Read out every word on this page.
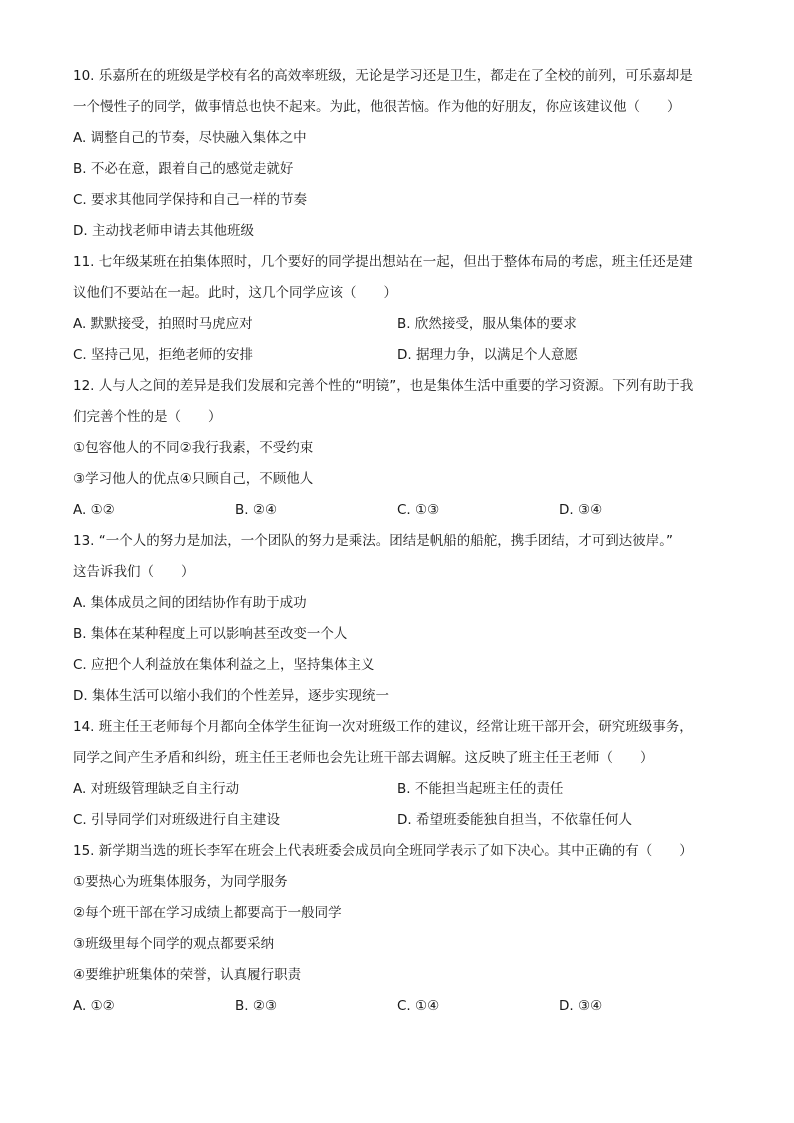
10. 乐嘉所在的班级是学校有名的高效率班级，无论是学习还是卫生，都走在了全校的前列，可乐嘉却是
一个慢性子的同学，做事情总也快不起来。为此，他很苦恼。作为他的好朋友，你应该建议他（　　）
A. 调整自己的节奏，尽快融入集体之中
B. 不必在意，跟着自己的感觉走就好
C. 要求其他同学保持和自己一样的节奏
D. 主动找老师申请去其他班级
11. 七年级某班在拍集体照时，几个要好的同学提出想站在一起，但出于整体布局的考虑，班主任还是建
议他们不要站在一起。此时，这几个同学应该（　　）
A. 默默接受，拍照时马虎应对	B. 欣然接受，服从集体的要求
C. 坚持己见，拒绝老师的安排	D. 据理力争，以满足个人意愿
12. 人与人之间的差异是我们发展和完善个性的“明镜”，也是集体生活中重要的学习资源。下列有助于我
们完善个性的是（　　）
①包容他人的不同②我行我素，不受约束
③学习他人的优点④只顾自己，不顾他人
A. ①②	B. ②④	C. ①③	D. ③④
13. “一个人的努力是加法，一个团队的努力是乘法。团结是帆船的船舵，携手团结，才可到达彼岸。”
这告诉我们（　　）
A. 集体成员之间的团结协作有助于成功
B. 集体在某种程度上可以影响甚至改变一个人
C. 应把个人利益放在集体利益之上，坚持集体主义
D. 集体生活可以缩小我们的个性差异，逐步实现统一
14. 班主任王老师每个月都向全体学生征询一次对班级工作的建议，经常让班干部开会，研究班级事务，
同学之间产生矛盾和纠纷，班主任王老师也会先让班干部去调解。这反映了班主任王老师（　　）
A. 对班级管理缺乏自主行动	B. 不能担当起班主任的责任
C. 引导同学们对班级进行自主建设	D. 希望班委能独自担当，不依靠任何人
15. 新学期当选的班长李军在班会上代表班委会成员向全班同学表示了如下决心。其中正确的有（　　）
①要热心为班集体服务，为同学服务
②每个班干部在学习成绩上都要高于一般同学
③班级里每个同学的观点都要采纳
④要维护班集体的荣誉，认真履行职责
A. ①②	B. ②③	C. ①④	D. ③④
